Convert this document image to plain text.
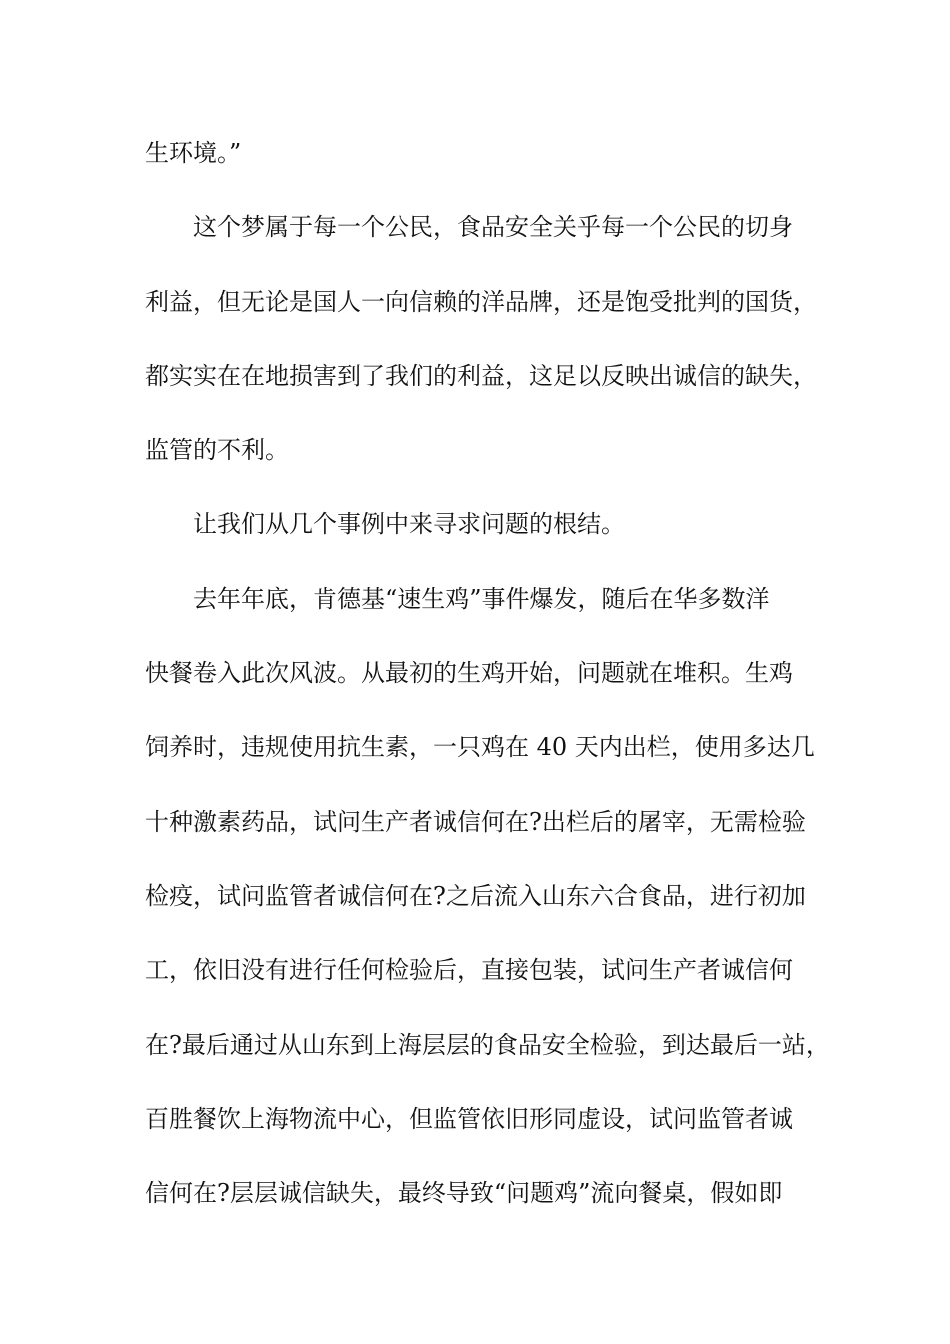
生环境。”
这个梦属于每一个公民，食品安全关乎每一个公民的切身
利益，但无论是国人一向信赖的洋品牌，还是饱受批判的国货，
都实实在在地损害到了我们的利益，这足以反映出诚信的缺失，
监管的不利。
让我们从几个事例中来寻求问题的根结。
去年年底，肯德基“速生鸡”事件爆发，随后在华多数洋
快餐卷入此次风波。从最初的生鸡开始，问题就在堆积。生鸡
饲养时，违规使用抗生素，一只鸡在 40 天内出栏，使用多达几
十种激素药品，试问生产者诚信何在?出栏后的屠宰，无需检验
检疫，试问监管者诚信何在?之后流入山东六合食品，进行初加
工，依旧没有进行任何检验后，直接包装，试问生产者诚信何
在?最后通过从山东到上海层层的食品安全检验，到达最后一站，
百胜餐饮上海物流中心，但监管依旧形同虚设，试问监管者诚
信何在?层层诚信缺失，最终导致“问题鸡”流向餐桌，假如即
